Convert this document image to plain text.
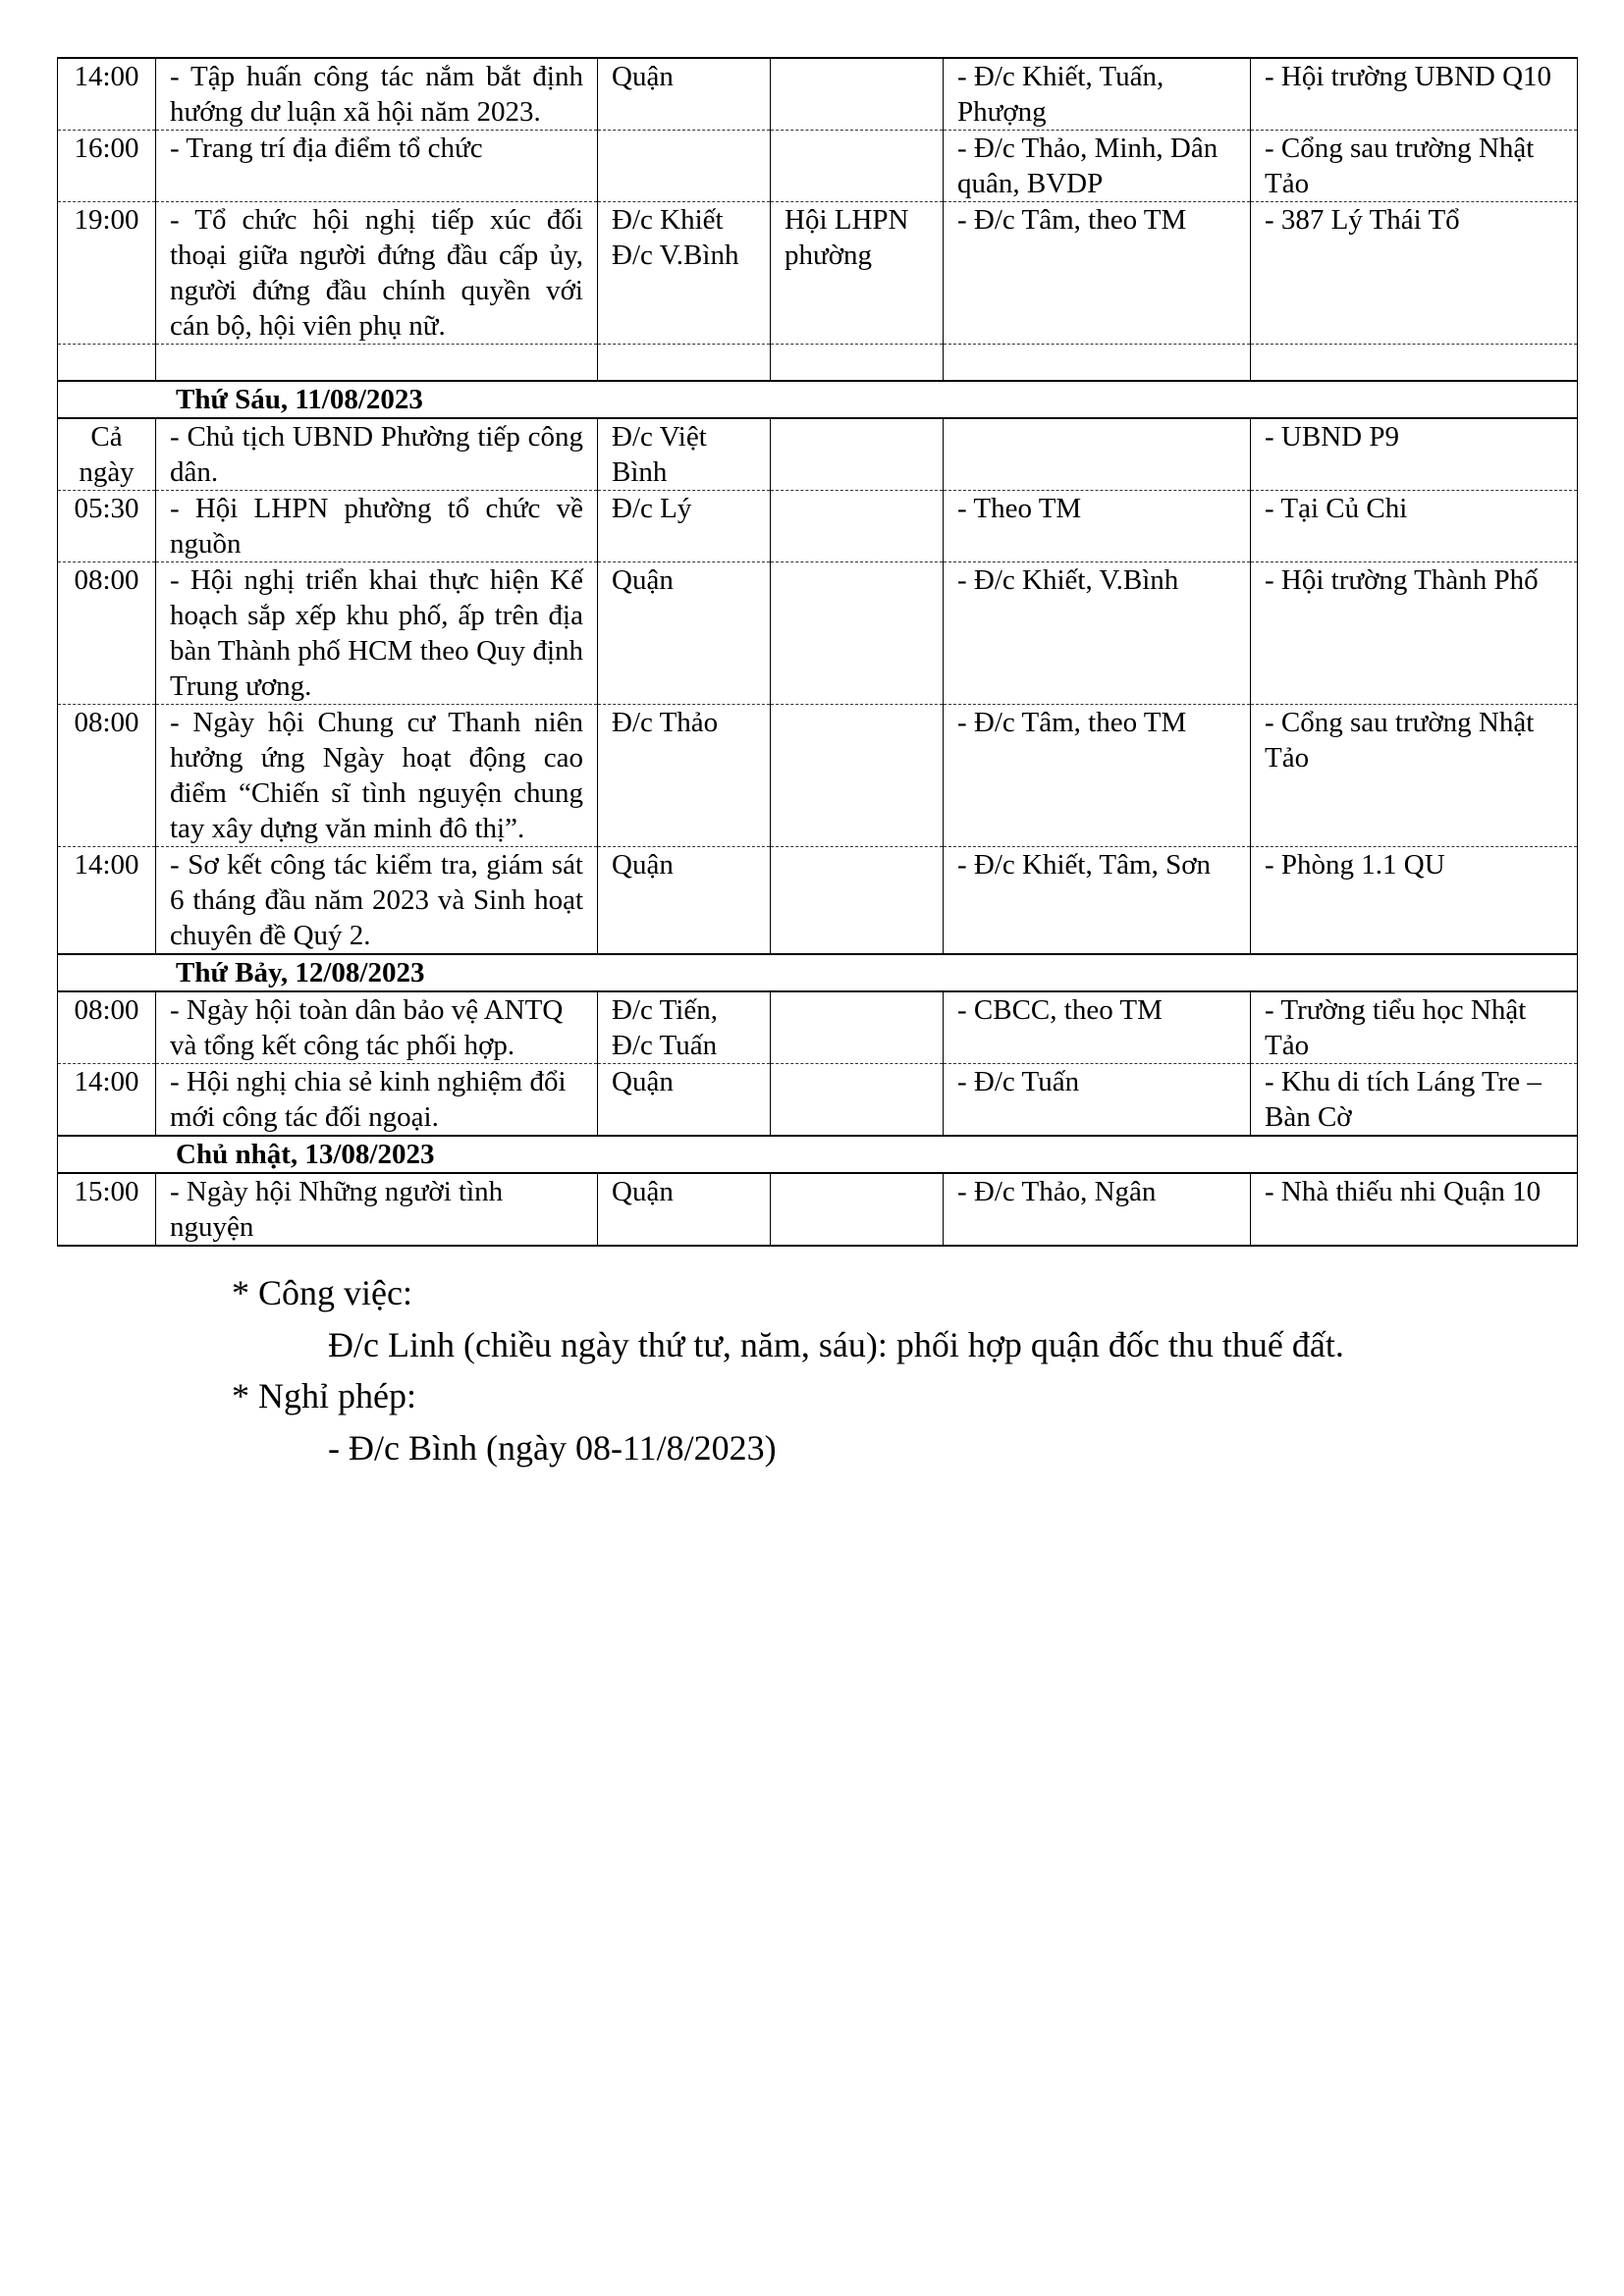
14:00	- Tập huấn công tác nắm bắt định hướng dư luận xã hội năm 2023.	Quận		- Đ/c Khiết, Tuấn, Phượng	- Hội trường UBND Q10
16:00	- Trang trí địa điểm tổ chức			- Đ/c Thảo, Minh, Dân quân, BVDP	- Cổng sau trường Nhật Tảo
19:00	- Tổ chức hội nghị tiếp xúc đối thoại giữa người đứng đầu cấp ủy, người đứng đầu chính quyền với cán bộ, hội viên phụ nữ.	Đ/c Khiết Đ/c V.Bình	Hội LHPN phường	- Đ/c Tâm, theo TM	- 387 Lý Thái Tổ

Thứ Sáu, 11/08/2023					
Cả ngày	- Chủ tịch UBND Phường tiếp công dân.	Đ/c Việt Bình			- UBND P9
05:30	- Hội LHPN phường tổ chức về nguồn	Đ/c Lý		- Theo TM	- Tại Củ Chi
08:00	- Hội nghị triển khai thực hiện Kế hoạch sắp xếp khu phố, ấp trên địa bàn Thành phố HCM theo Quy định Trung ương.	Quận		- Đ/c Khiết, V.Bình	- Hội trường Thành Phố
08:00	- Ngày hội Chung cư Thanh niên hưởng ứng Ngày hoạt động cao điểm “Chiến sĩ tình nguyện chung tay xây dựng văn minh đô thị”.	Đ/c Thảo		- Đ/c Tâm, theo TM	- Cổng sau trường Nhật Tảo
14:00	- Sơ kết công tác kiểm tra, giám sát 6 tháng đầu năm 2023 và Sinh hoạt chuyên đề Quý 2.	Quận		- Đ/c Khiết, Tâm, Sơn	- Phòng 1.1 QU
Thứ Bảy, 12/08/2023					
08:00	- Ngày hội toàn dân bảo vệ ANTQ và tổng kết công tác phối hợp.	Đ/c Tiến, Đ/c Tuấn		- CBCC, theo TM	- Trường tiểu học Nhật Tảo
14:00	- Hội nghị chia sẻ kinh nghiệm đổi mới công tác đối ngoại.	Quận		- Đ/c Tuấn	- Khu di tích Láng Tre – Bàn Cờ
Chủ nhật, 13/08/2023					
15:00	- Ngày hội Những người tình nguyện	Quận		- Đ/c Thảo, Ngân	- Nhà thiếu nhi Quận 10
* Công việc:
Đ/c Linh (chiều ngày thứ tư, năm, sáu): phối hợp quận đốc thu thuế đất.
* Nghỉ phép:
- Đ/c Bình (ngày 08-11/8/2023)
